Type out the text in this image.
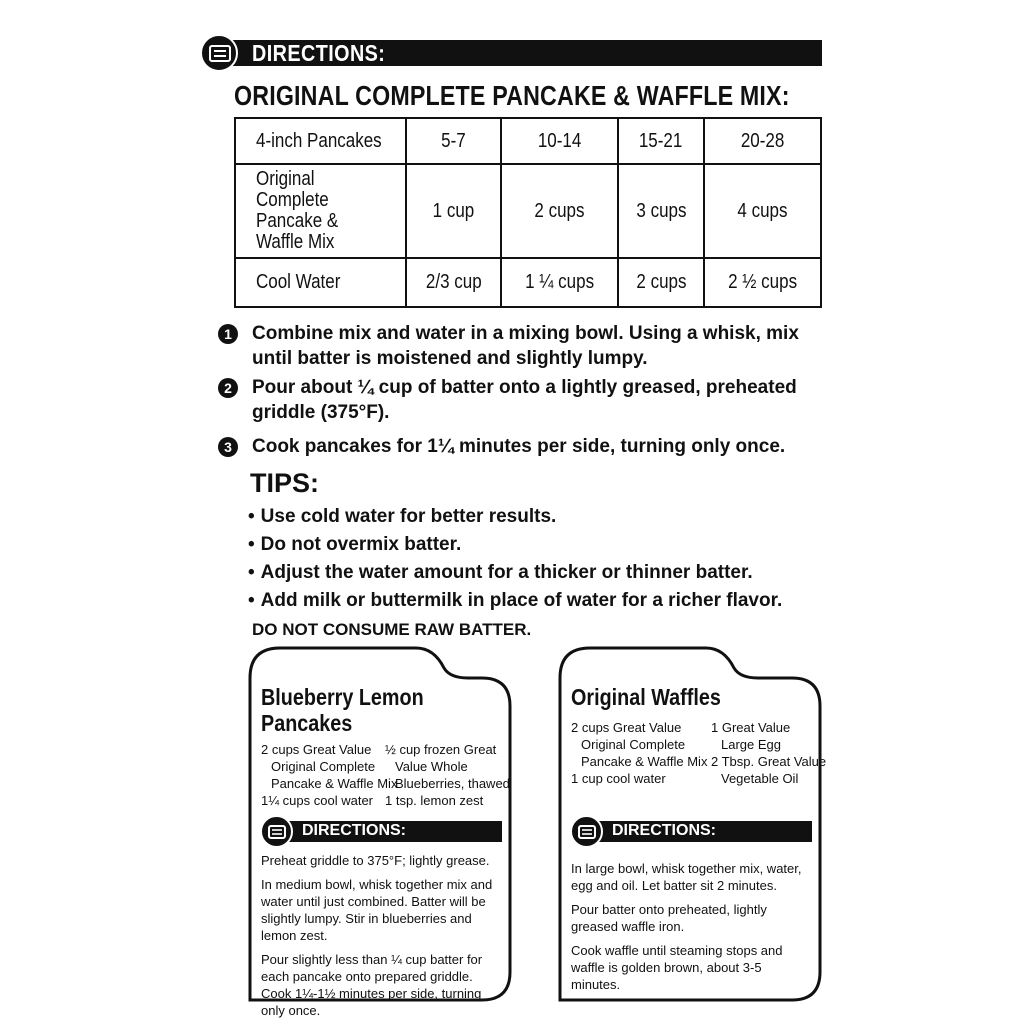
DIRECTIONS:
ORIGINAL COMPLETE PANCAKE & WAFFLE MIX:
4-inch Pancakes	5-7	10-14	15-21	20-28
Original Complete Pancake & Waffle Mix	1 cup	2 cups	3 cups	4 cups
Cool Water	2/3 cup	1 ¼ cups	2 cups	2 ½ cups
1	Combine mix and water in a mixing bowl. Using a whisk, mix until batter is moistened and slightly lumpy.
2	Pour about ¼ cup of batter onto a lightly greased, preheated griddle (375°F).
3	Cook pancakes for 1¼ minutes per side, turning only once.
TIPS:
• Use cold water for better results.
• Do not overmix batter.
• Adjust the water amount for a thicker or thinner batter.
• Add milk or buttermilk in place of water for a richer flavor.
DO NOT CONSUME RAW BATTER.
Blueberry Lemon
Pancakes
2 cups Great Value
Original Complete
Pancake & Waffle Mix
1¼ cups cool water
½ cup frozen Great
Value Whole
Blueberries, thawed
1 tsp. lemon zest
DIRECTIONS:

Preheat griddle to 375°F; lightly grease.

In medium bowl, whisk together mix and water until just combined. Batter will be slightly lumpy. Stir in blueberries and lemon zest.

Pour slightly less than ¼ cup batter for each pancake onto prepared griddle. Cook 1¼-1½ minutes per side, turning only once.

Original Waffles
2 cups Great Value
Original Complete
Pancake & Waffle Mix
1 cup cool water
1 Great Value
Large Egg
2 Tbsp. Great Value
Vegetable Oil
DIRECTIONS:

In large bowl, whisk together mix, water, egg and oil. Let batter sit 2 minutes.

Pour batter onto preheated, lightly greased waffle iron.

Cook waffle until steaming stops and waffle is golden brown, about 3-5 minutes.
